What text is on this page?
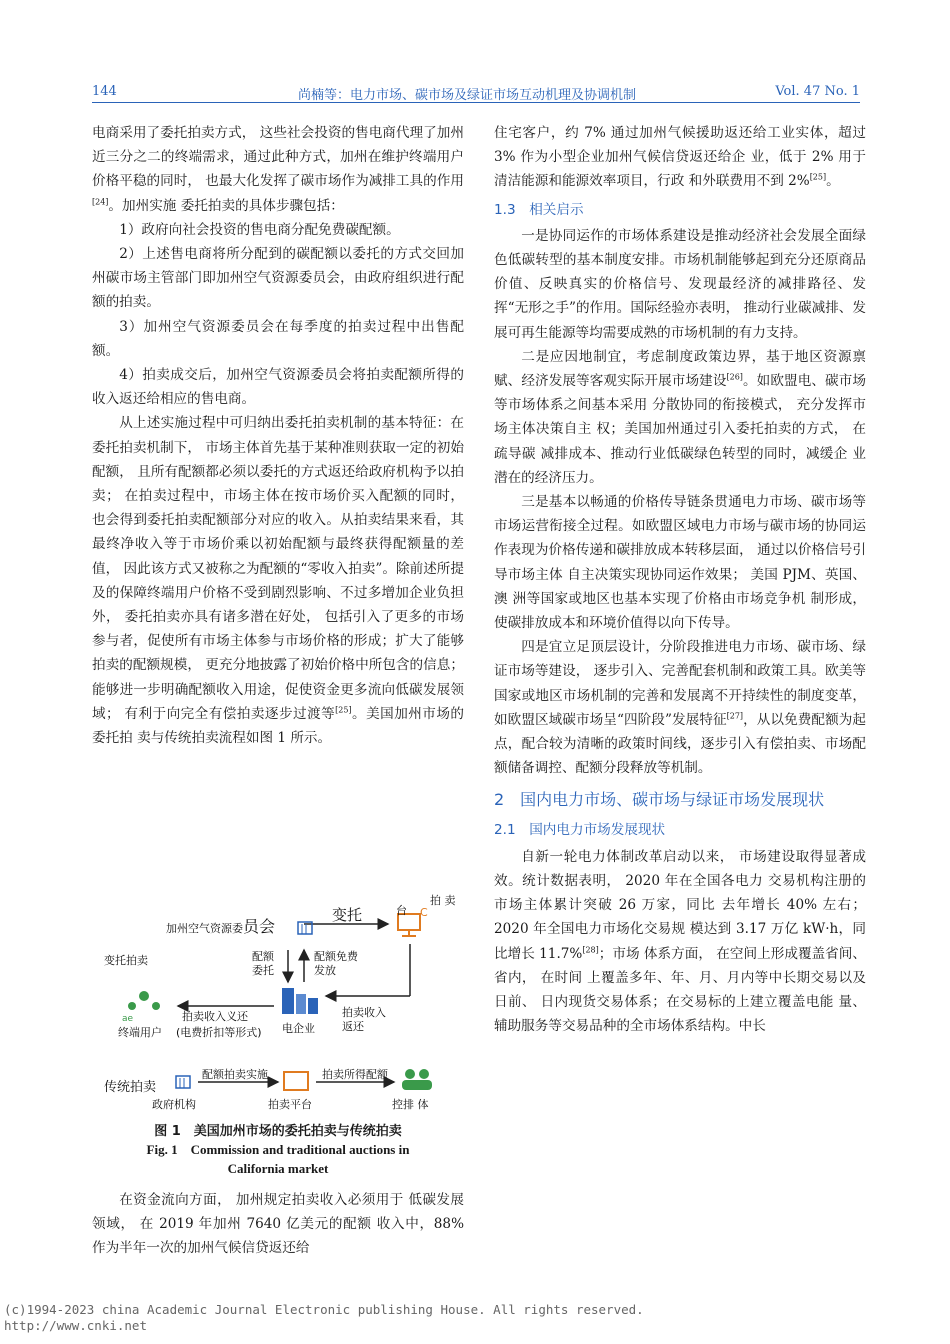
144	尚楠等：电力市场、碳市场及绿证市场互动机理及协调机制	Vol. 47 No. 1

电商采用了委托拍卖方式， 这些社会投资的售电商代理了加州近三分之二的终端需求，通过此种方式，加州在维护终端用户价格平稳的同时， 也最大化发挥了碳市场作为减排工具的作用[24]。加州实施 委托拍卖的具体步骤包括：

1）政府向社会投资的售电商分配免费碳配额。

2）上述售电商将所分配到的碳配额以委托的方式交回加州碳市场主管部门即加州空气资源委员会，由政府组织进行配额的拍卖。

3）加州空气资源委员会在每季度的拍卖过程中出售配额。

4）拍卖成交后，加州空气资源委员会将拍卖配额所得的收入返还给相应的售电商。

从上述实施过程中可归纳出委托拍卖机制的基本特征：在委托拍卖机制下， 市场主体首先基于某种准则获取一定的初始配额， 且所有配额都必须以委托的方式返还给政府机构予以拍卖； 在拍卖过程中，市场主体在按市场价买入配额的同时， 也会得到委托拍卖配额部分对应的收入。从拍卖结果来看，其最终净收入等于市场价乘以初始配额与最终获得配额量的差值， 因此该方式又被称之为配额的“零收入拍卖”。除前述所提及的保障终端用户价格不受到剧烈影响、不过多增加企业负担外， 委托拍卖亦具有诸多潜在好处， 包括引入了更多的市场参与者，促使所有市场主体参与市场价格的形成；扩大了能够拍卖的配额规模， 更充分地披露了初始价格中所包含的信息； 能够进一步明确配额收入用途，促使资金更多流向低碳发展领域； 有利于向完全有偿拍卖逐步过渡等[25]。美国加州市场的委托拍 卖与传统拍卖流程如图 1 所示。

加州空气资源委员会
拍 卖
变托	台 C
变托拍卖	配额 委托
配额免费 发放
ae
终端用户
拍卖收入义还
(电费折扣等形式) 电企业
拍卖收入 返还
传统拍卖
配额拍卖实施	拍卖所得配额
政府机构	拍卖平台	控排 体
图 1　美国加州市场的委托拍卖与传统拍卖
Fig. 1　Commission and traditional auctions in
California market

在资金流向方面， 加州规定拍卖收入必须用于 低碳发展领域， 在 2019 年加州 7640 亿美元的配额 收入中，88% 作为半年一次的加州气候信贷返还给

住宅客户，约 7% 通过加州气候援助返还给工业实体，超过 3% 作为小型企业加州气候信贷返还给企 业，低于 2% 用于清洁能源和能源效率项目，行政 和外联费用不到 2%[25]。

1.3　相关启示

一是协同运作的市场体系建设是推动经济社会发展全面绿色低碳转型的基本制度安排。市场机制能够起到充分还原商品价值、反映真实的价格信号、发现最经济的减排路径、发挥“无形之手”的作用。国际经验亦表明， 推动行业碳减排、发展可再生能源等均需要成熟的市场机制的有力支持。

二是应因地制宜，考虑制度政策边界，基于地区资源禀赋、经济发展等客观实际开展市场建设[26]。如欧盟电、碳市场等市场体系之间基本采用 分散协同的衔接模式， 充分发挥市场主体决策自主 权；美国加州通过引入委托拍卖的方式， 在疏导碳 减排成本、推动行业低碳绿色转型的同时，减缓企 业潜在的经济压力。

三是基本以畅通的价格传导链条贯通电力市场、碳市场等市场运营衔接全过程。如欧盟区域电力市场与碳市场的协同运作表现为价格传递和碳排放成本转移层面， 通过以价格信号引导市场主体 自主决策实现协同运作效果； 美国 PJM、英国、澳 洲等国家或地区也基本实现了价格由市场竞争机 制形成，使碳排放成本和环境价值得以向下传导。

四是宜立足顶层设计，分阶段推进电力市场、碳市场、绿证市场等建设， 逐步引入、完善配套机制和政策工具。欧美等国家或地区市场机制的完善和发展离不开持续性的制度变革， 如欧盟区域碳市场呈“四阶段”发展特征[27]，从以免费配额为起点，配合较为清晰的政策时间线，逐步引入有偿拍卖、市场配额储备调控、配额分段释放等机制。

2　国内电力市场、碳市场与绿证市场发展现状
2.1　国内电力市场发展现状

自新一轮电力体制改革启动以来， 市场建设取得显著成效。统计数据表明， 2020 年在全国各电力 交易机构注册的市场主体累计突破 26 万家，同比 去年增长 40% 左右； 2020 年全国电力市场化交易规 模达到 3.17 万亿 kW·h，同比增长 11.7%[28]；市场 体系方面， 在空间上形成覆盖省间、省内， 在时间 上覆盖多年、年、月、月内等中长期交易以及日前、 日内现货交易体系；在交易标的上建立覆盖电能 量、辅助服务等交易品种的全市场体系结构。中长

(c)1994-2023 china Academic Journal Electronic publishing House. All rights reserved.
http://www.cnki.net
